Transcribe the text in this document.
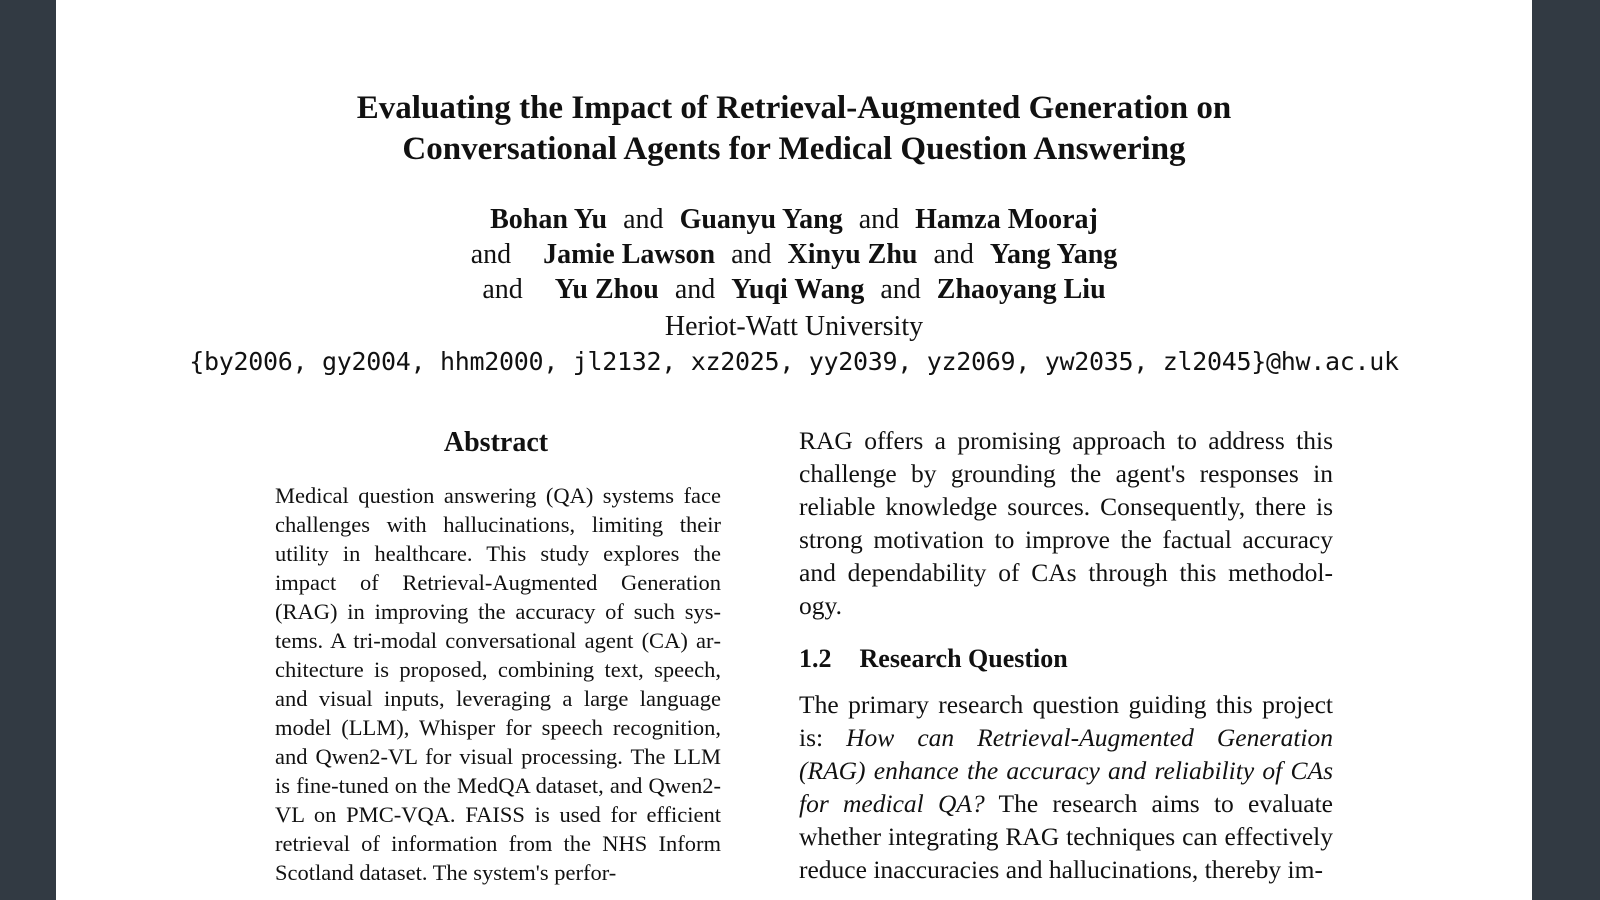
Evaluating the Impact of Retrieval-Augmented Generation on
Conversational Agents for Medical Question Answering
Bohan Yu and Guanyu Yang and Hamza Mooraj
and Jamie Lawson and Xinyu Zhu and Yang Yang
and Yu Zhou and Yuqi Wang and Zhaoyang Liu
Heriot-Watt University
{by2006, gy2004, hhm2000, jl2132, xz2025, yy2039, yz2069, yw2035, zl2045}@hw.ac.uk
Abstract
Medical question answering (QA) systems face challenges with hallucinations, limiting their utility in healthcare. This study explores the impact of Retrieval-Augmented Generation (RAG) in improving the accuracy of such systems. A tri-modal conversational agent (CA) architecture is proposed, combining text, speech, and visual inputs, leveraging a large language model (LLM), Whisper for speech recognition, and Qwen2-VL for visual processing. The LLM is fine-tuned on the MedQA dataset, and Qwen2-VL on PMC-VQA. FAISS is used for efficient retrieval of information from the NHS Inform Scotland dataset. The system's perfor-
RAG offers a promising approach to address this challenge by grounding the agent's responses in reliable knowledge sources. Consequently, there is strong motivation to improve the factual accuracy and dependability of CAs through this methodology.
1.2 Research Question
The primary research question guiding this project is: How can Retrieval-Augmented Generation (RAG) enhance the accuracy and reliability of CAs for medical QA? The research aims to evaluate whether integrating RAG techniques can effectively reduce inaccuracies and hallucinations, thereby im-
